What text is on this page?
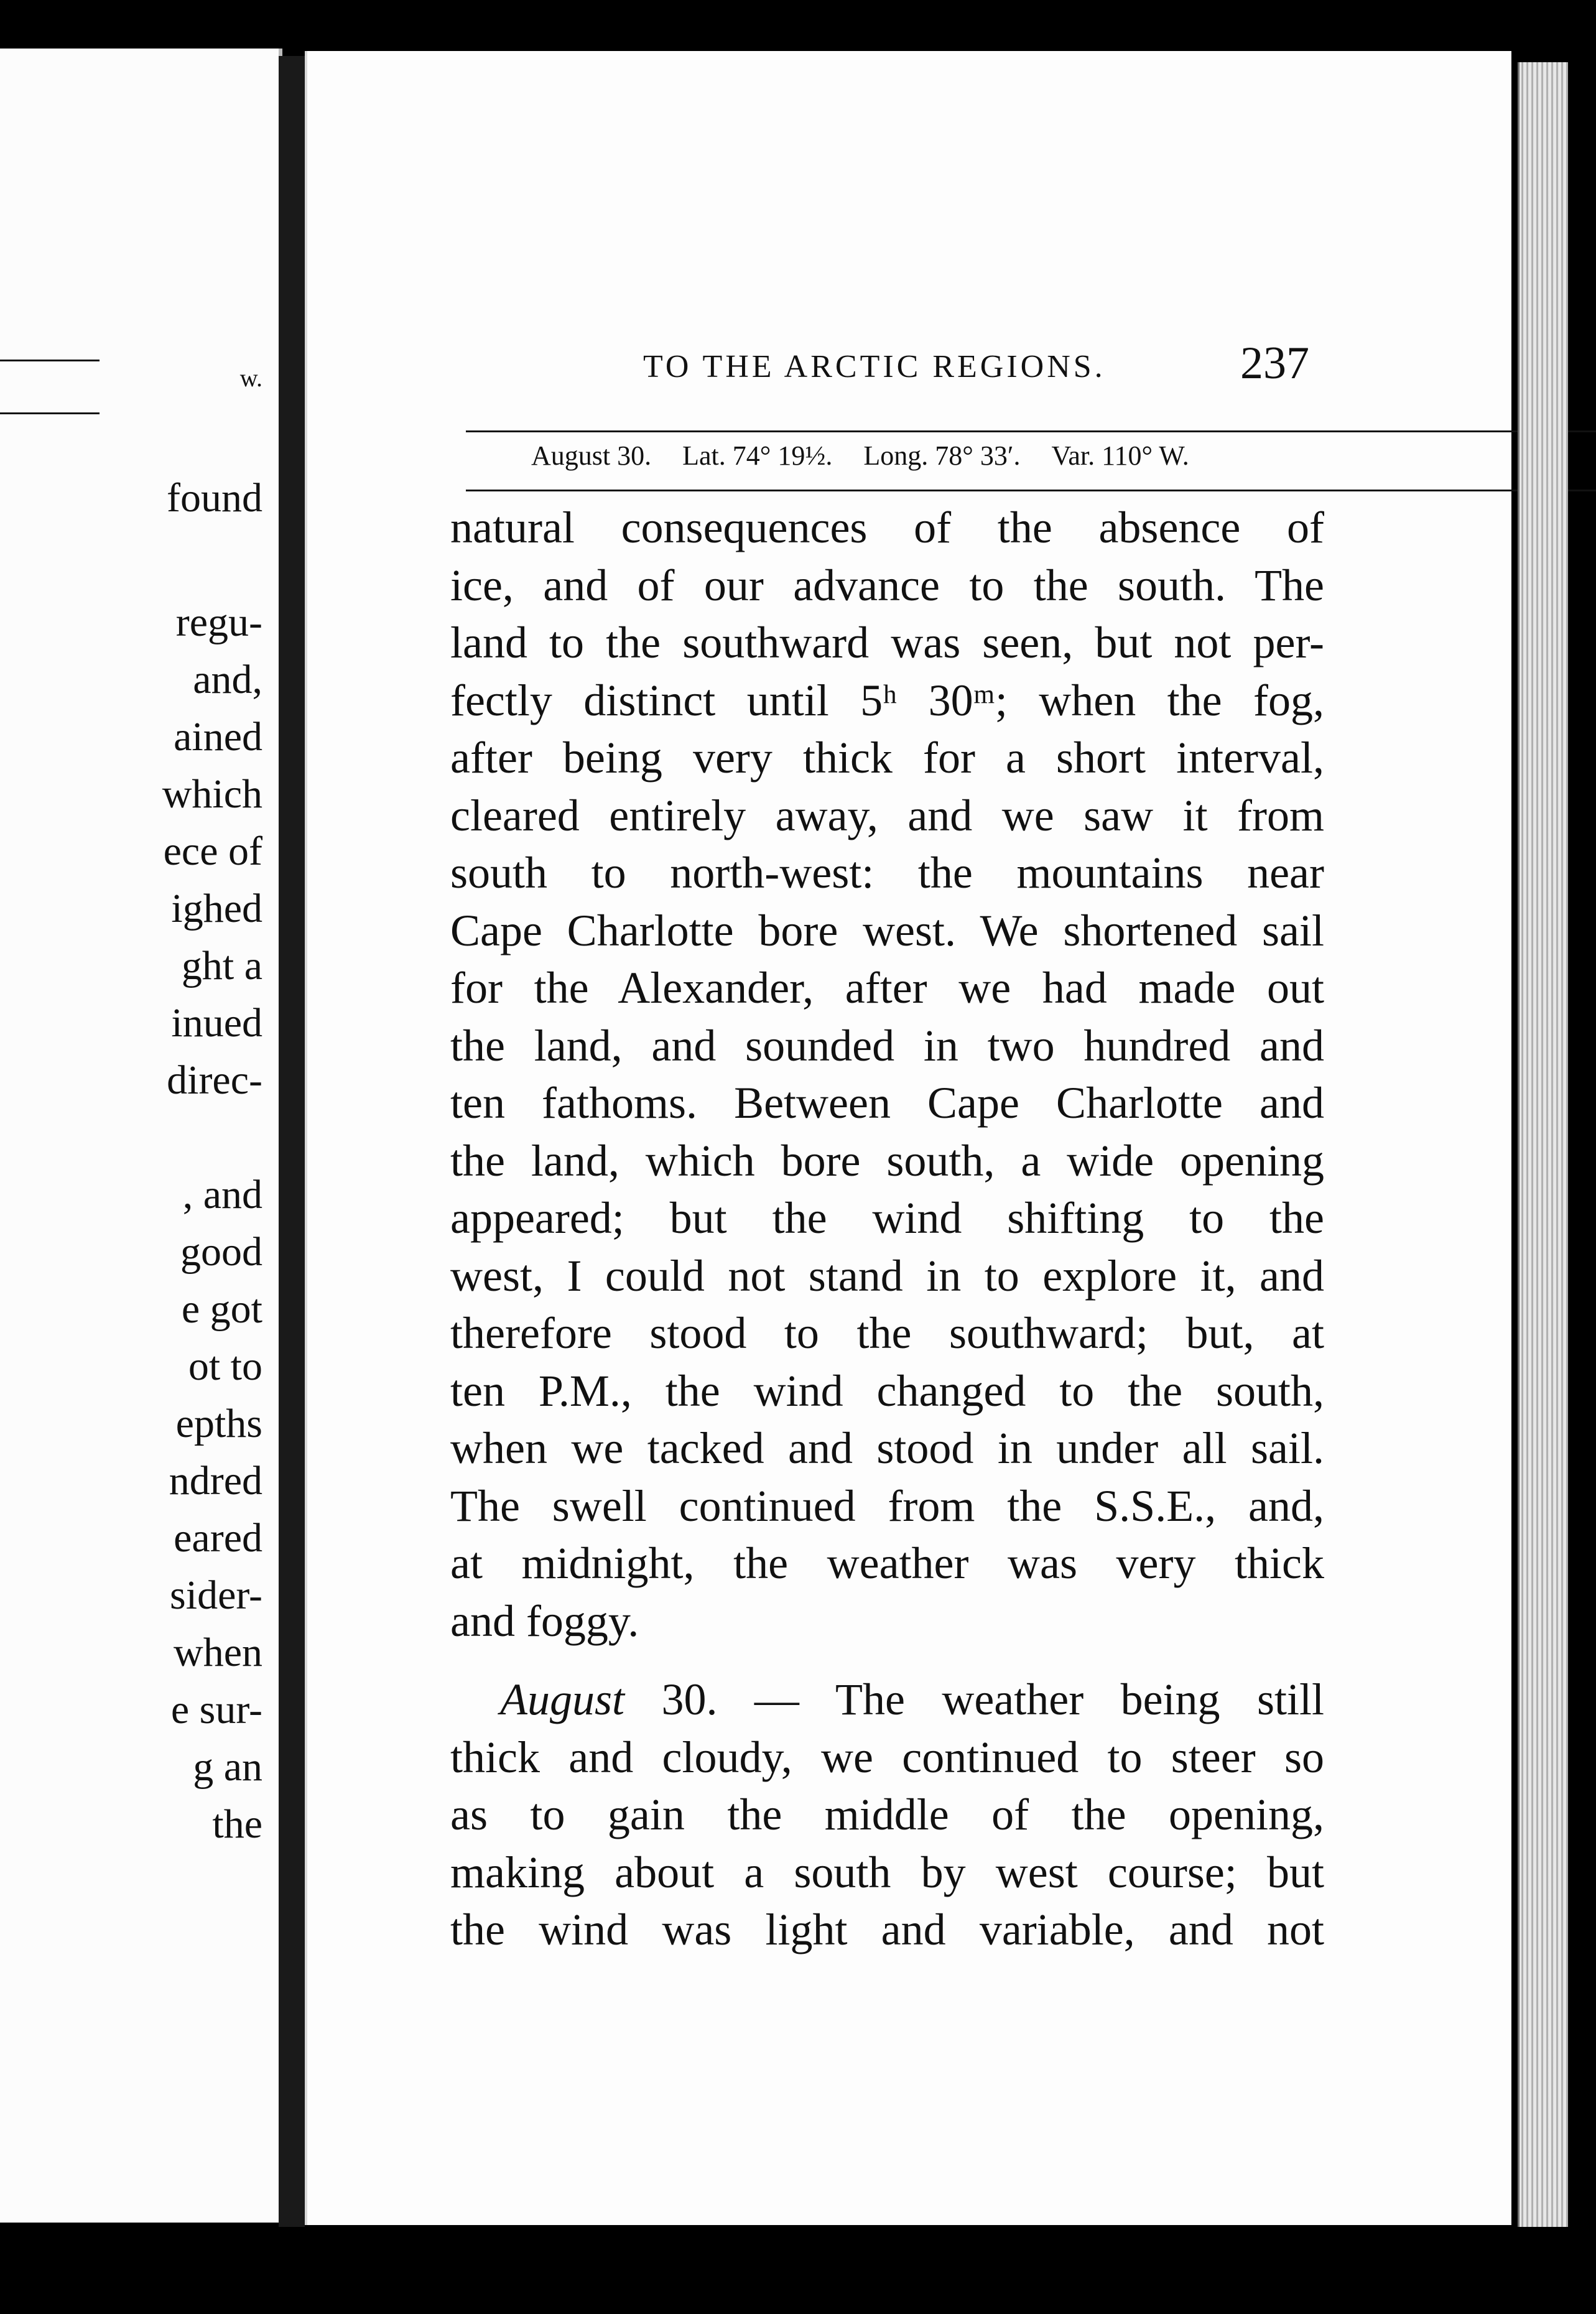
w.
found
regu-
and,
ained
which
ece of
ighed
ght a
inued
direc-
, and
good
e got
ot to
epths
ndred
eared
sider-
when
e sur-
g an
the
TO THE ARCTIC REGIONS.	237
August 30. Lat. 74° 19½. Long. 78° 33′. Var. 110° W.
natural consequences of the absence of
ice, and of our advance to the south. The
land to the southward was seen, but not per-
fectly distinct until 5ʰ 30ᵐ; when the fog,
after being very thick for a short interval,
cleared entirely away, and we saw it from
south to north-west: the mountains near
Cape Charlotte bore west. We shortened sail
for the Alexander, after we had made out
the land, and sounded in two hundred and
ten fathoms. Between Cape Charlotte and
the land, which bore south, a wide opening
appeared; but the wind shifting to the
west, I could not stand in to explore it, and
therefore stood to the southward; but, at
ten P.M., the wind changed to the south,
when we tacked and stood in under all sail.
The swell continued from the S.S.E., and,
at midnight, the weather was very thick
and foggy.
August 30. — The weather being still
thick and cloudy, we continued to steer so
as to gain the middle of the opening,
making about a south by west course; but
the wind was light and variable, and not
